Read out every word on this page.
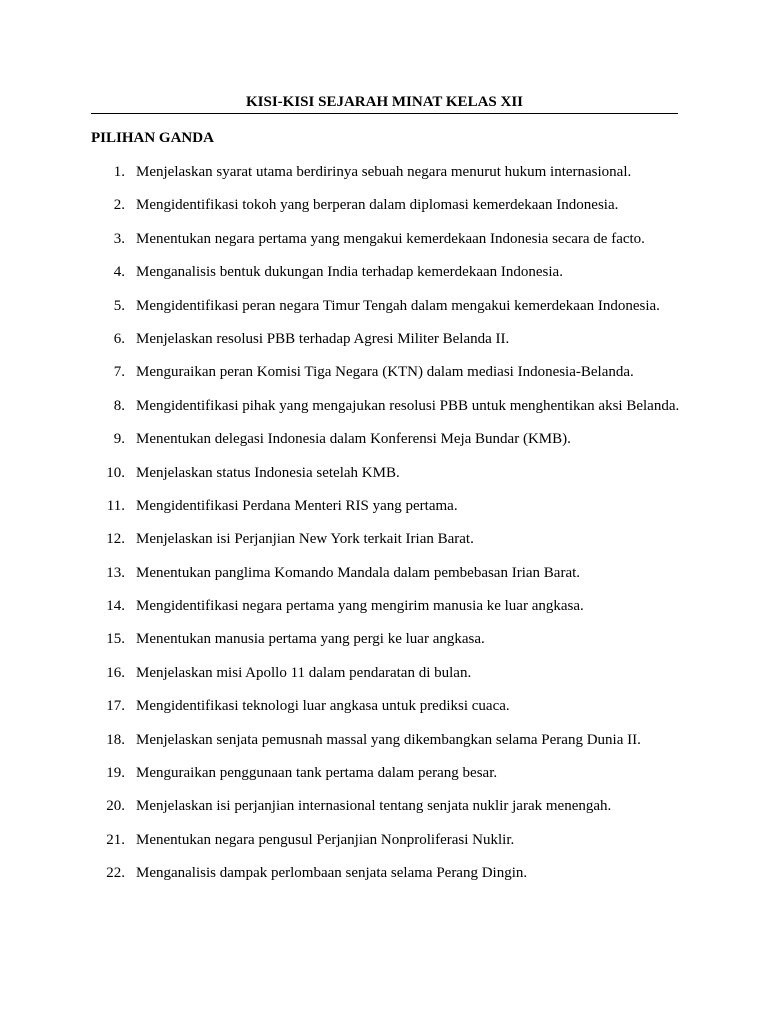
KISI-KISI SEJARAH MINAT KELAS XII
PILIHAN GANDA
1. Menjelaskan syarat utama berdirinya sebuah negara menurut hukum internasional.
2. Mengidentifikasi tokoh yang berperan dalam diplomasi kemerdekaan Indonesia.
3. Menentukan negara pertama yang mengakui kemerdekaan Indonesia secara de facto.
4. Menganalisis bentuk dukungan India terhadap kemerdekaan Indonesia.
5. Mengidentifikasi peran negara Timur Tengah dalam mengakui kemerdekaan Indonesia.
6. Menjelaskan resolusi PBB terhadap Agresi Militer Belanda II.
7. Menguraikan peran Komisi Tiga Negara (KTN) dalam mediasi Indonesia-Belanda.
8. Mengidentifikasi pihak yang mengajukan resolusi PBB untuk menghentikan aksi Belanda.
9. Menentukan delegasi Indonesia dalam Konferensi Meja Bundar (KMB).
10. Menjelaskan status Indonesia setelah KMB.
11. Mengidentifikasi Perdana Menteri RIS yang pertama.
12. Menjelaskan isi Perjanjian New York terkait Irian Barat.
13. Menentukan panglima Komando Mandala dalam pembebasan Irian Barat.
14. Mengidentifikasi negara pertama yang mengirim manusia ke luar angkasa.
15. Menentukan manusia pertama yang pergi ke luar angkasa.
16. Menjelaskan misi Apollo 11 dalam pendaratan di bulan.
17. Mengidentifikasi teknologi luar angkasa untuk prediksi cuaca.
18. Menjelaskan senjata pemusnah massal yang dikembangkan selama Perang Dunia II.
19. Menguraikan penggunaan tank pertama dalam perang besar.
20. Menjelaskan isi perjanjian internasional tentang senjata nuklir jarak menengah.
21. Menentukan negara pengusul Perjanjian Nonproliferasi Nuklir.
22. Menganalisis dampak perlombaan senjata selama Perang Dingin.
